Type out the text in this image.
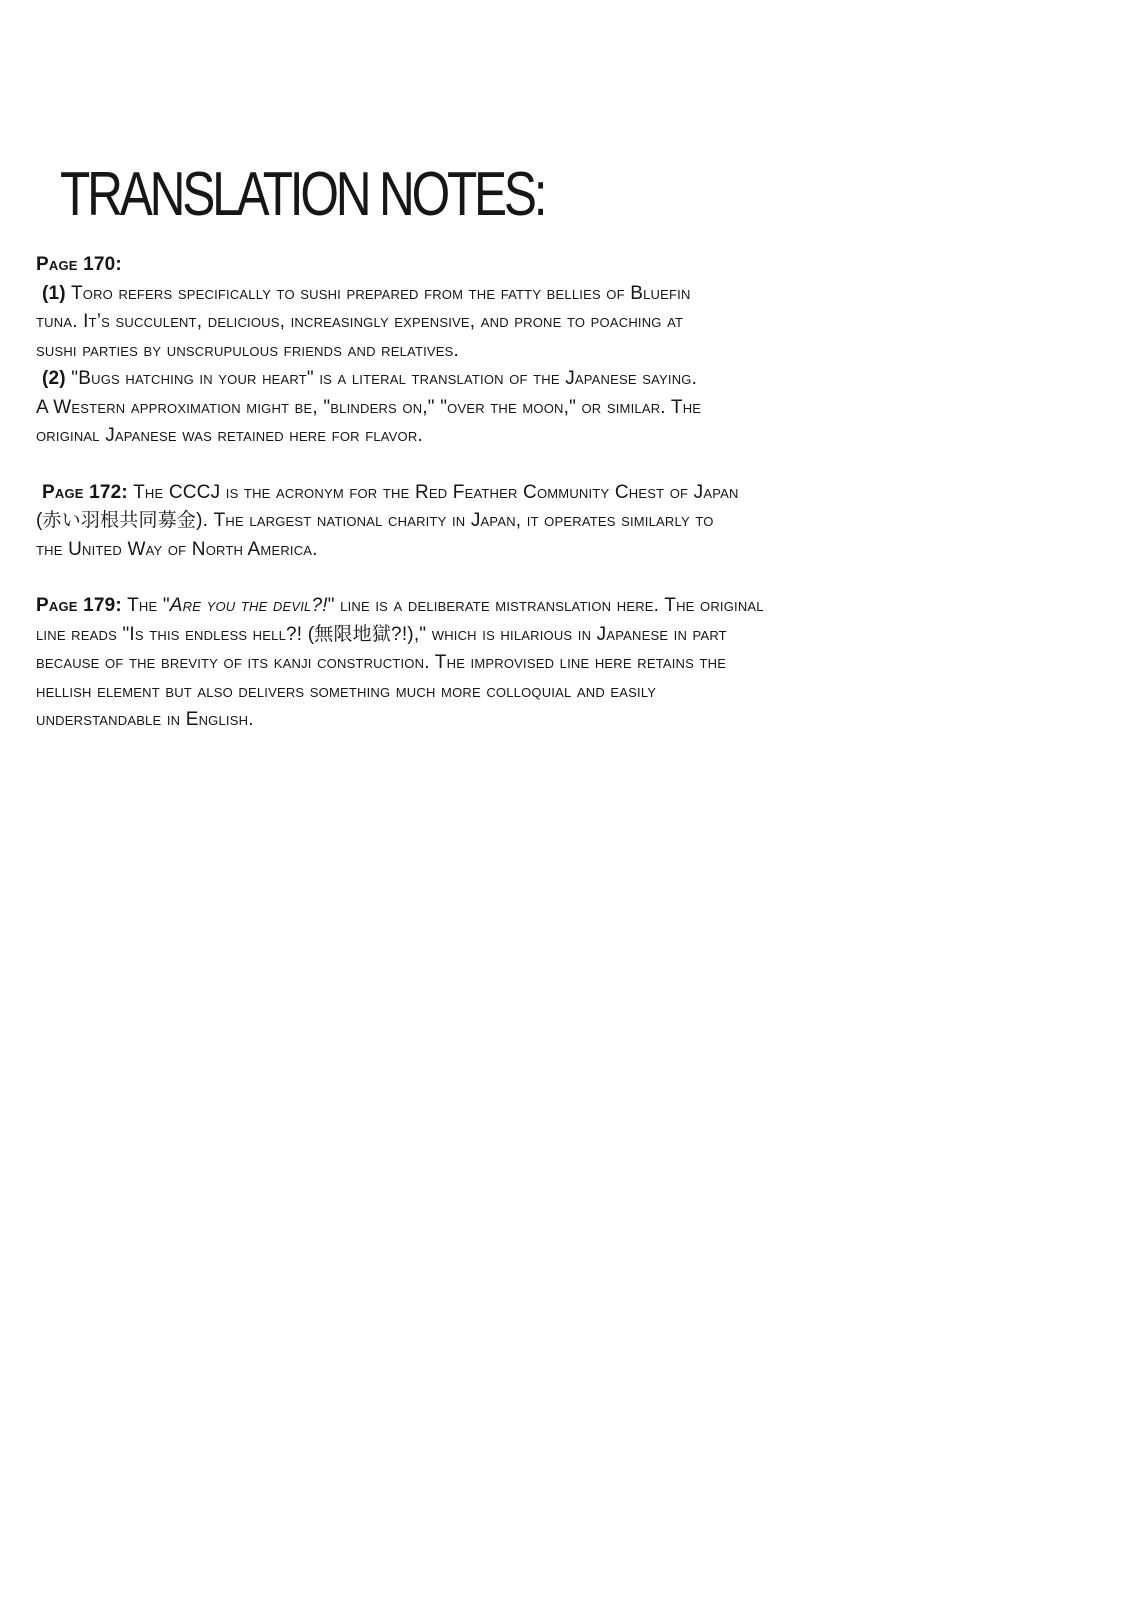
TRANSLATION NOTES:
Page 170:
(1) Toro refers specifically to sushi prepared from the fatty bellies of Bluefin
tuna. It’s succulent, delicious, increasingly expensive, and prone to poaching at
sushi parties by unscrupulous friends and relatives.
(2) "Bugs hatching in your heart" is a literal translation of the Japanese saying.
A Western approximation might be, "blinders on," "over the moon," or similar. The
original Japanese was retained here for flavor.
Page 172: The CCCJ is the acronym for the Red Feather Community Chest of Japan
(赤い羽根共同募金). The largest national charity in Japan, it operates similarly to
the United Way of North America.
Page 179: The "Are you the devil?!" line is a deliberate mistranslation here. The original
line reads "Is this endless hell?! (無限地獄?!)," which is hilarious in Japanese in part
because of the brevity of its kanji construction. The improvised line here retains the
hellish element but also delivers something much more colloquial and easily
understandable in English.
